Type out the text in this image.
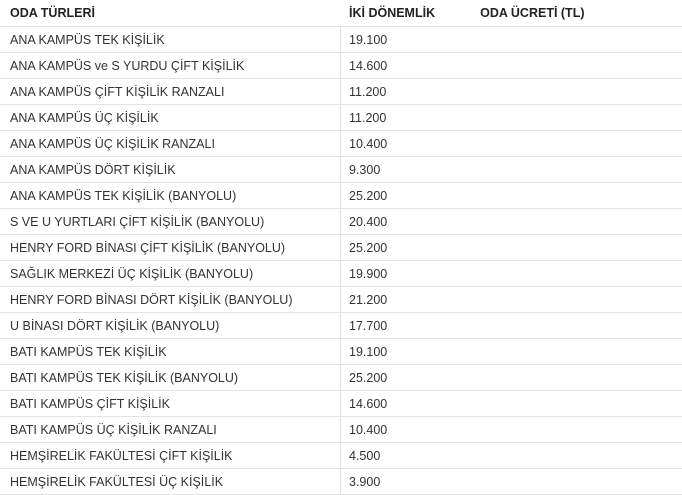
ODA TÜRLERİ	İKİ DÖNEMLİK	ODA ÜCRETİ (TL)
ANA KAMPÜS TEK KİŞİLİK	19.100
ANA KAMPÜS ve S YURDU ÇİFT KİŞİLİK	14.600
ANA KAMPÜS ÇİFT KİŞİLİK RANZALI	11.200
ANA KAMPÜS ÜÇ KİŞİLİK	11.200
ANA KAMPÜS ÜÇ KİŞİLİK RANZALI	10.400
ANA KAMPÜS DÖRT KİŞİLİK	9.300
ANA KAMPÜS TEK KİŞİLİK (BANYOLU)	25.200
S VE U YURTLARI ÇİFT KİŞİLİK (BANYOLU)	20.400
HENRY FORD BİNASI ÇİFT KİŞİLİK (BANYOLU)	25.200
SAĞLIK MERKEZİ ÜÇ KİŞİLİK (BANYOLU)	19.900
HENRY FORD BİNASI DÖRT KİŞİLİK (BANYOLU)	21.200
U BİNASI DÖRT KİŞİLİK (BANYOLU)	17.700
BATI KAMPÜS TEK KİŞİLİK	19.100
BATI KAMPÜS TEK KİŞİLİK (BANYOLU)	25.200
BATI KAMPÜS ÇİFT KİŞİLİK	14.600
BATI KAMPÜS ÜÇ KİŞİLİK RANZALI	10.400
HEMŞİRELİK FAKÜLTESİ ÇİFT KİŞİLİK	4.500
HEMŞİRELİK FAKÜLTESİ ÜÇ KİŞİLİK	3.900
